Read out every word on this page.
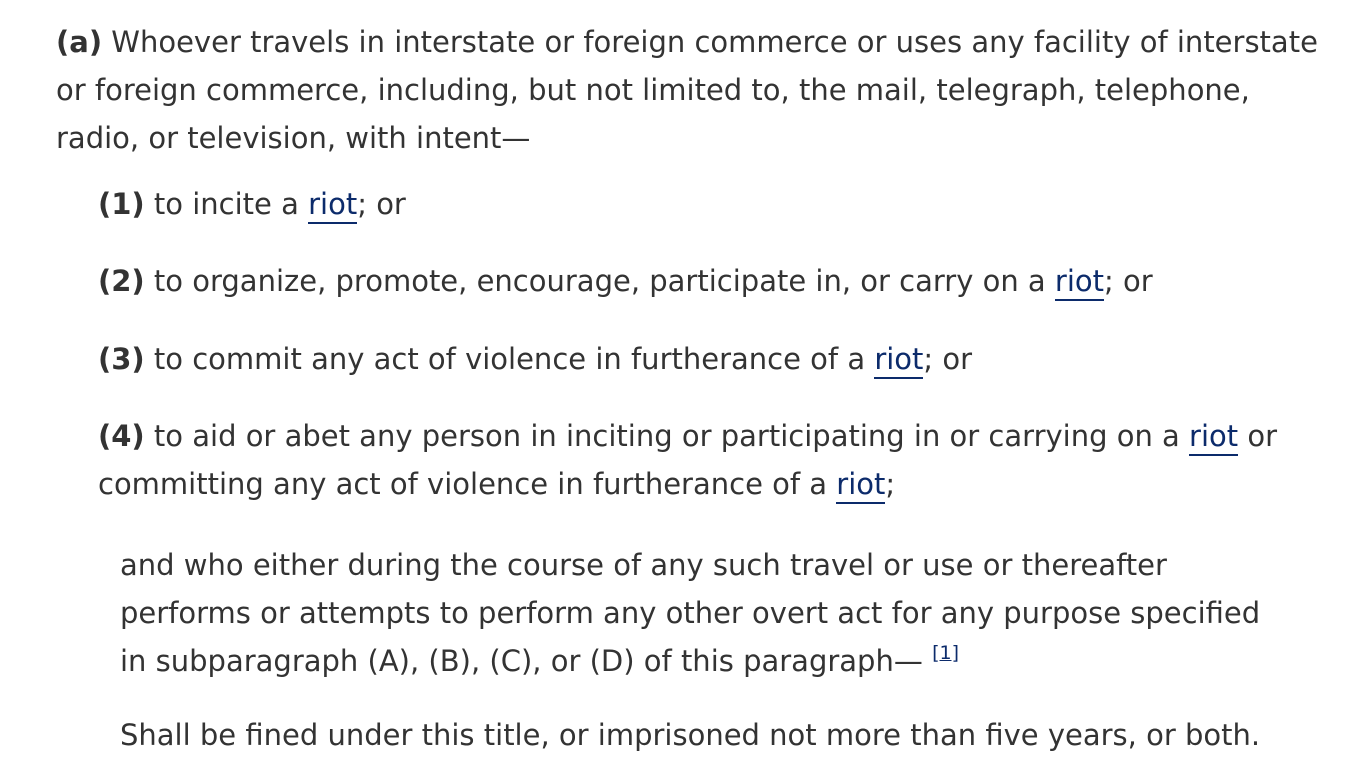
(a) Whoever travels in interstate or foreign commerce or uses any facility of interstate
or foreign commerce, including, but not limited to, the mail, telegraph, telephone,
radio, or television, with intent—

(1) to incite a riot; or

(2) to organize, promote, encourage, participate in, or carry on a riot; or

(3) to commit any act of violence in furtherance of a riot; or

(4) to aid or abet any person in inciting or participating in or carrying on a riot or
committing any act of violence in furtherance of a riot;

and who either during the course of any such travel or use or thereafter
performs or attempts to perform any other overt act for any purpose specified
in subparagraph (A), (B), (C), or (D) of this paragraph— [1]

Shall be fined under this title, or imprisoned not more than five years, or both.
